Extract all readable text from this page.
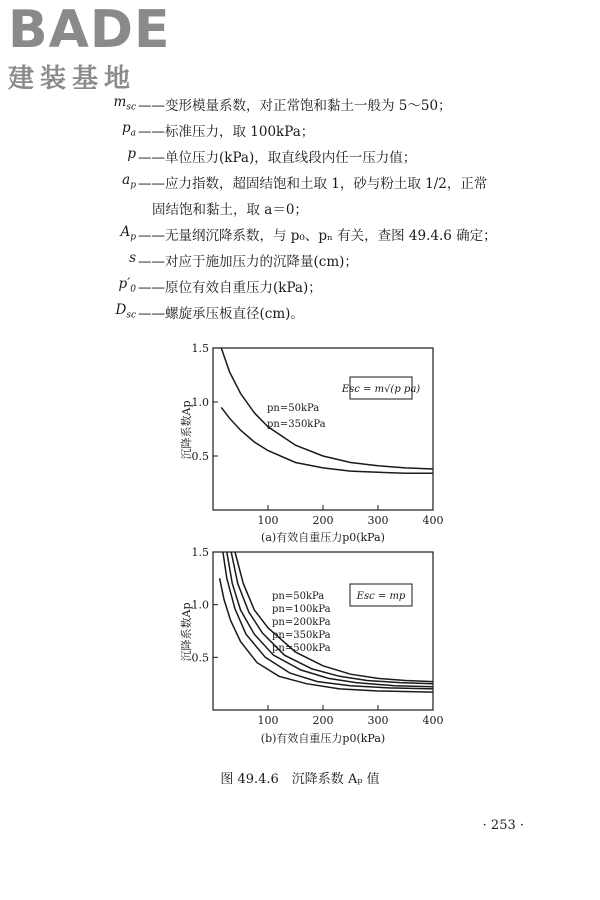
BADE
建装基地
$m_{sc}$ ——变形模量系数，对正常饱和黏土一般为 5～50；
$p_a$ ——标准压力，取 100kPa；
p ——单位压力(kPa)，取直线段内任一压力值；
$a_p$ ——应力指数，超固结饱和土取 1，砂与粉土取 1/2，正常
固结饱和黏土，取 a＝0；
$A_p$ ——无量纲沉降系数，与 p₀、pₙ 有关，查图 49.4.6 确定；
s ——对应于施加压力的沉降量(cm)；
$p'_0$ ——原位有效自重压力(kPa)；
$D_{sc}$ ——螺旋承压板直径(cm)。
100	200	300	400
0.5
1.0
1.5
pn=50kPa
pn=350kPa
Esc = m√(p pa)
(a)有效自重压力p0(kPa)
沉降系数Ap
100	200	300	400
0.5
1.0
1.5
pn=50kPa
pn=100kPa
pn=200kPa
pn=350kPa
pn=500kPa
Esc = mp
(b)有效自重压力p0(kPa)
沉降系数Ap
图 49.4.6　沉降系数 Aₚ 值
· 253 ·
